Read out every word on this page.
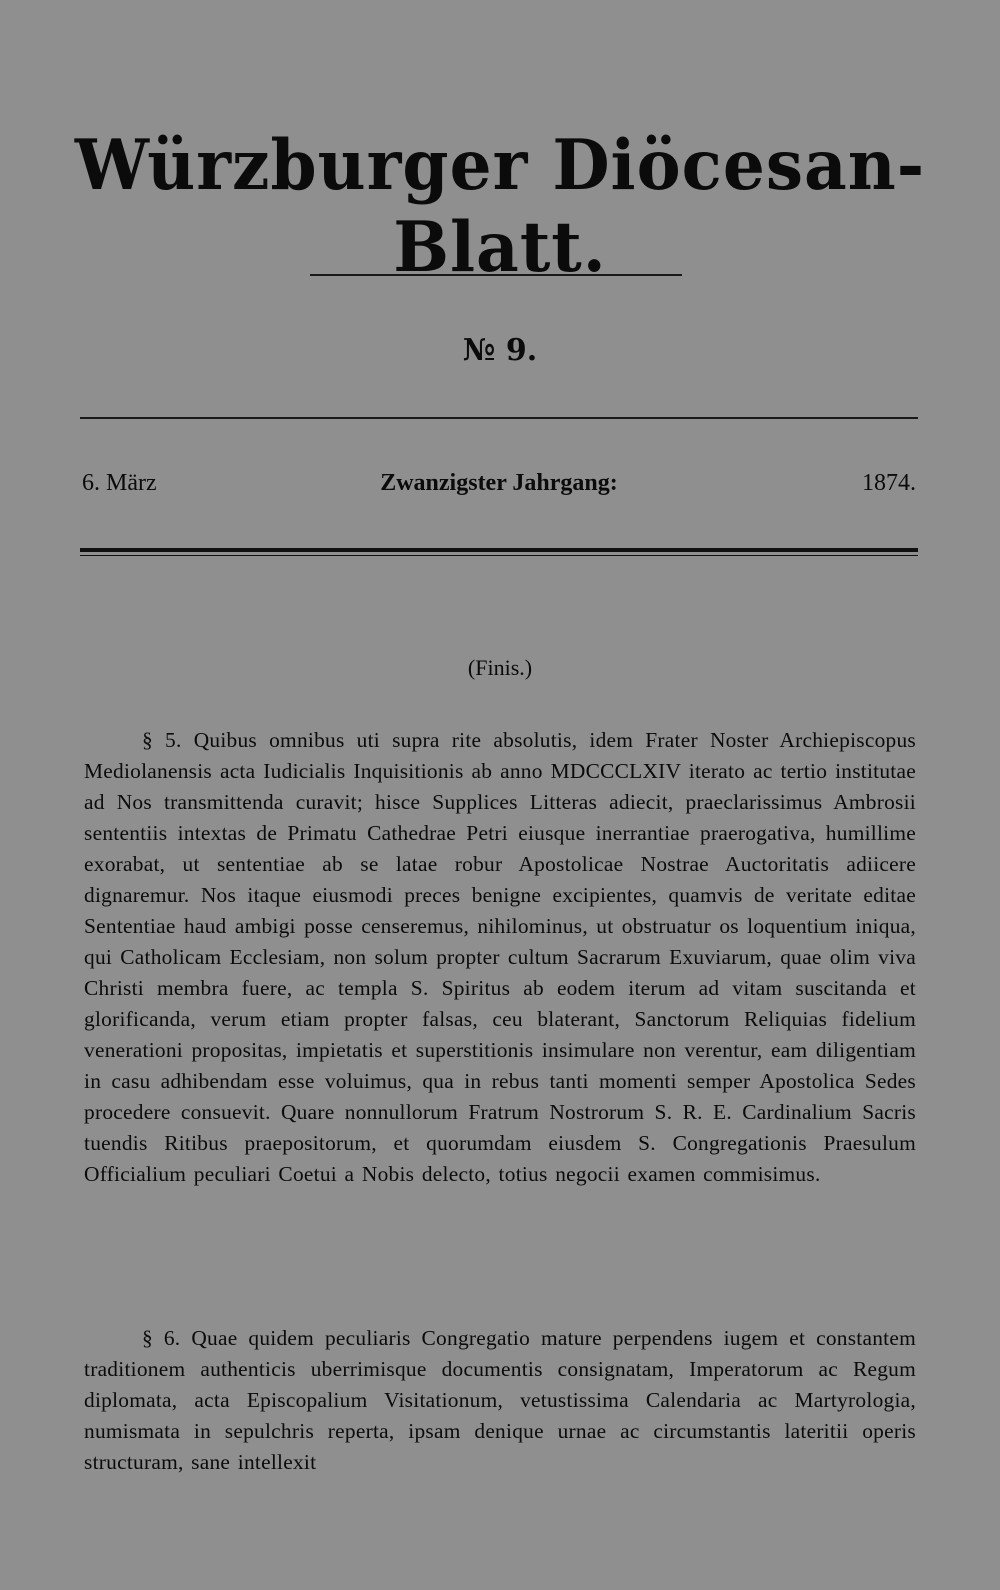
Würzburger Diöcesan-Blatt.
№ 9.
6. März	Zwanzigster Jahrgang:	1874.
(Finis.)

§ 5. Quibus omnibus uti supra rite absolutis, idem Frater Noster Archiepiscopus Mediolanensis acta Iudicialis Inquisitionis ab anno MDCCCLXIV iterato ac tertio institutae ad Nos transmittenda curavit; hisce Supplices Litteras adiecit, praeclarissimus Ambrosii sententiis intextas de Primatu Cathedrae Petri eiusque inerrantiae praerogativa, humillime exorabat, ut sententiae ab se latae robur Apostolicae Nostrae Auctoritatis adiicere dignaremur. Nos itaque eiusmodi preces benigne excipientes, quamvis de veritate editae Sententiae haud ambigi posse censeremus, nihilominus, ut obstruatur os loquentium iniqua, qui Catholicam Ecclesiam, non solum propter cultum Sacrarum Exuviarum, quae olim viva Christi membra fuere, ac templa S. Spiritus ab eodem iterum ad vitam suscitanda et glorificanda, verum etiam propter falsas, ceu blaterant, Sanctorum Reliquias fidelium venerationi propositas, impietatis et superstitionis insimulare non verentur, eam diligentiam in casu adhibendam esse voluimus, qua in rebus tanti momenti semper Apostolica Sedes procedere consuevit. Quare nonnullorum Fratrum Nostrorum S. R. E. Cardinalium Sacris tuendis Ritibus praepositorum, et quorumdam eiusdem S. Congregationis Praesulum Officialium peculiari Coetui a Nobis delecto, totius negocii examen commisimus.

§ 6. Quae quidem peculiaris Congregatio mature perpendens iugem et constantem traditionem authenticis uberrimisque documentis consignatam, Imperatorum ac Regum diplomata, acta Episcopalium Visitationum, vetustissima Calendaria ac Martyrologia, numismata in sepulchris reperta, ipsam denique urnae ac circumstantis lateritii operis structuram, sane intellexit
